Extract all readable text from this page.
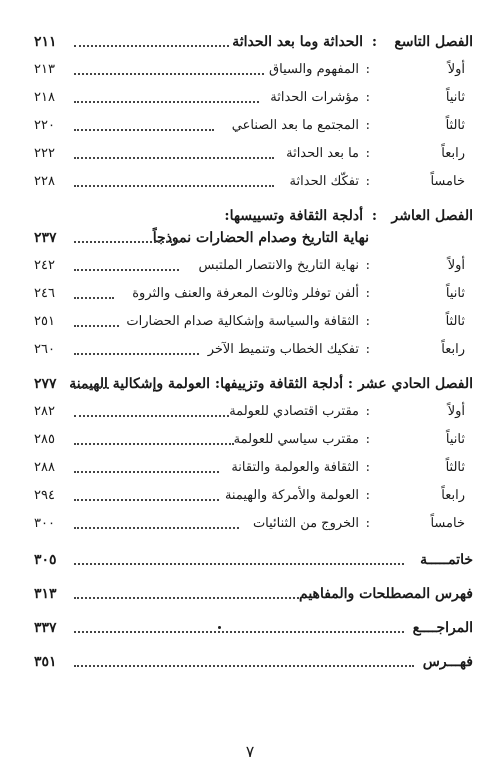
الفصل التاسع
:
الحداثة وما بعد الحداثة
٢١١
أولاً
:
المفهوم والسياق
٢١٣
ثانياً
:
مؤشرات الحداثة
٢١٨
ثالثاً
:
المجتمع ما بعد الصناعي
٢٢٠
رابعاً
:
ما بعد الحداثة
٢٢٢
خامساً
:
تفكّك الحداثة
٢٢٨
الفصل العاشر
:
أدلجة الثقافة وتسييسها:
نهاية التاريخ وصدام الحضارات نموذجاً
٢٣٧
أولاً
:
نهاية التاريخ والانتصار الملتبس
٢٤٢
ثانياً
:
ألفن توفلر وثالوث المعرفة والعنف والثروة
٢٤٦
ثالثاً
:
الثقافة والسياسة وإشكالية صدام الحضارات
٢٥١
رابعاً
:
تفكيك الخطاب وتنميط الآخر
٢٦٠
الفصل الحادي عشر
:
أدلجة الثقافة وتزييفها: العولمة وإشكالية الهيمنة
٢٧٧
أولاً
:
مقترب اقتصادي للعولمة
٢٨٢
ثانياً
:
مقترب سياسي للعولمة
٢٨٥
ثالثاً
:
الثقافة والعولمة والتقانة
٢٨٨
رابعاً
:
العولمة والأمركة والهيمنة
٢٩٤
خامساً
:
الخروج من الثنائيات
٣٠٠
خاتمـــــة
٣٠٥
فهرس المصطلحات والمفاهيم
٣١٣
المراجــــع
٣٣٧
فهـــرس
٣٥١
٧
